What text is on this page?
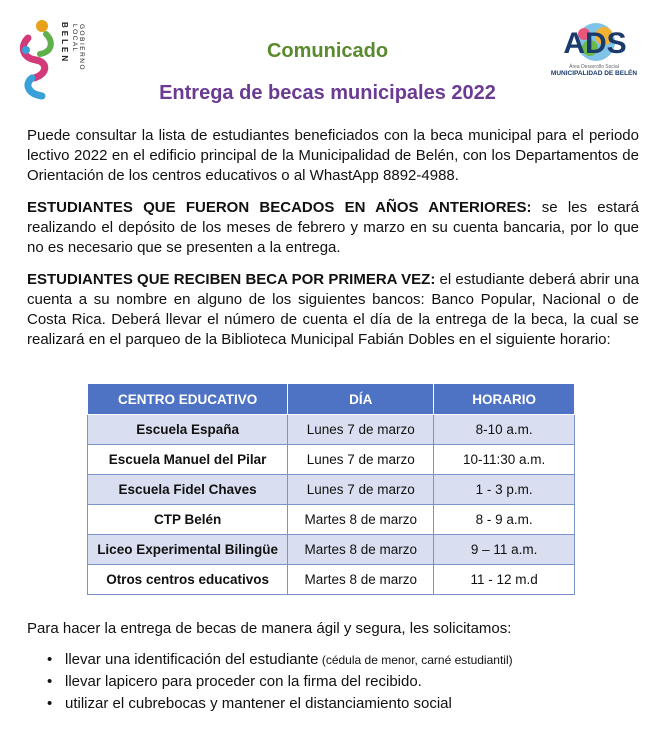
BELEN	GOBIERNO LOCAL	Comunicado
Entrega de becas municipales 2022
ADS
Área Desarrollo Social
MUNICIPALIDAD DE BELÉN

Puede consultar la lista de estudiantes beneficiados con la beca municipal para el periodo lectivo 2022 en el edificio principal de la Municipalidad de Belén, con los Departamentos de Orientación de los centros educativos o al WhastApp 8892-4988.

ESTUDIANTES QUE FUERON BECADOS EN AÑOS ANTERIORES: se les estará realizando el depósito de los meses de febrero y marzo en su cuenta bancaria, por lo que no es necesario que se presenten a la entrega.

ESTUDIANTES QUE RECIBEN BECA POR PRIMERA VEZ: el estudiante deberá abrir una cuenta a su nombre en alguno de los siguientes bancos: Banco Popular, Nacional o de Costa Rica. Deberá llevar el número de cuenta el día de la entrega de la beca, la cual se realizará en el parqueo de la Biblioteca Municipal Fabián Dobles en el siguiente horario:

CENTRO EDUCATIVO	DÍA	HORARIO
Escuela España	Lunes 7 de marzo	8-10 a.m.
Escuela Manuel del Pilar	Lunes 7 de marzo	10-11:30 a.m.
Escuela Fidel Chaves	Lunes 7 de marzo	1 - 3 p.m.
CTP Belén	Martes 8 de marzo	8 - 9 a.m.
Liceo Experimental Bilingüe	Martes 8 de marzo	9 – 11 a.m.
Otros centros educativos	Martes 8 de marzo	11 - 12 m.d

Para hacer la entrega de becas de manera ágil y segura, les solicitamos:

• llevar una identificación del estudiante (cédula de menor, carné estudiantil)
• llevar lapicero para proceder con la firma del recibido.
• utilizar el cubrebocas y mantener el distanciamiento social
